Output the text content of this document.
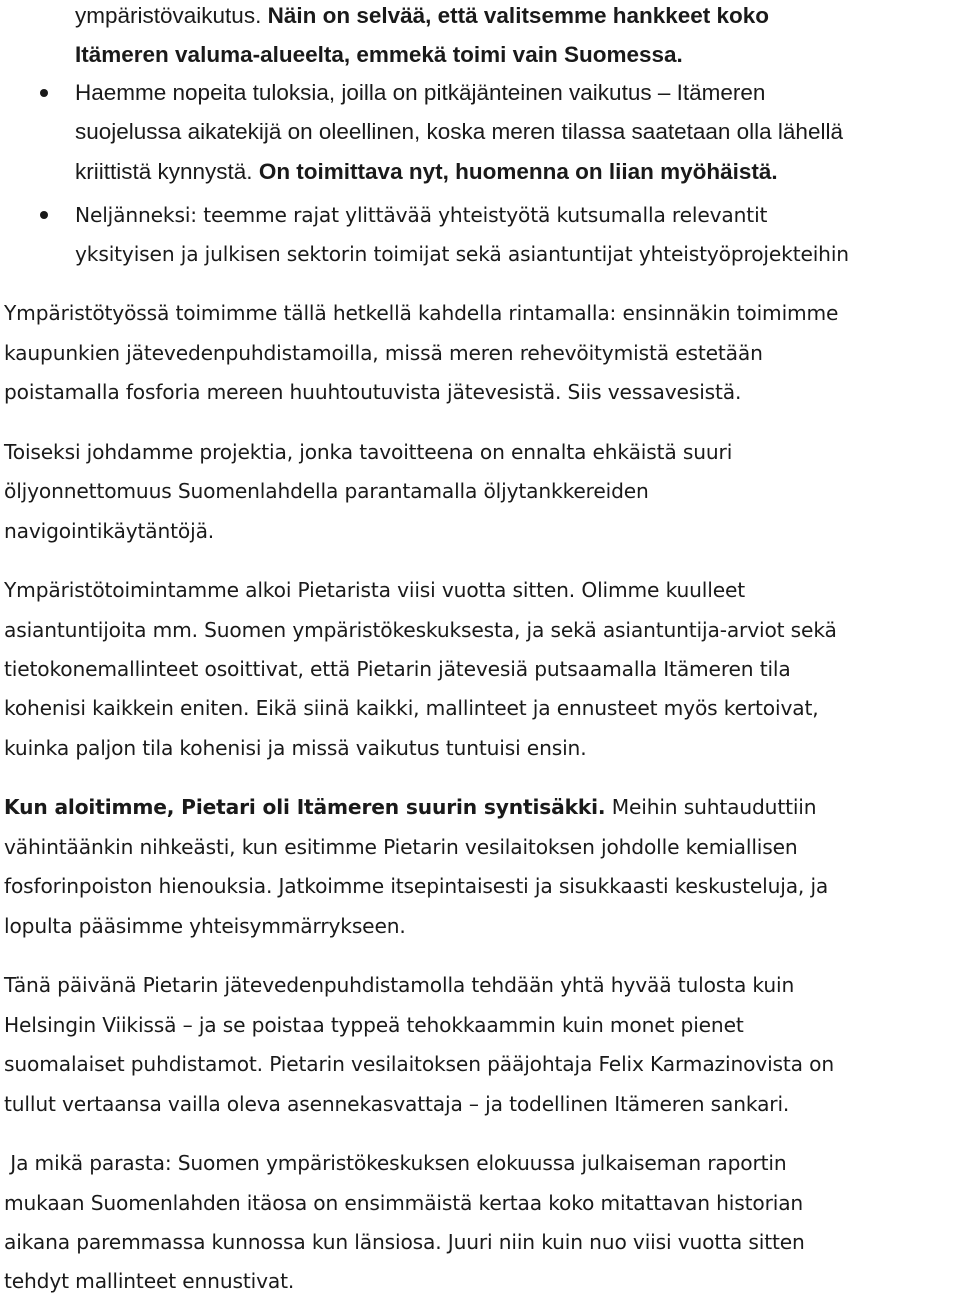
ympäristövaikutus. Näin on selvää, että valitsemme hankkeet koko
Itämeren valuma-alueelta, emmekä toimi vain Suomessa.
Haemme nopeita tuloksia, joilla on pitkäjänteinen vaikutus – Itämeren
suojelussa aikatekijä on oleellinen, koska meren tilassa saatetaan olla lähellä
kriittistä kynnystä. On toimittava nyt, huomenna on liian myöhäistä.
Neljänneksi: teemme rajat ylittävää yhteistyötä kutsumalla relevantit
yksityisen ja julkisen sektorin toimijat sekä asiantuntijat yhteistyöprojekteihin
Ympäristötyössä toimimme tällä hetkellä kahdella rintamalla: ensinnäkin toimimme
kaupunkien jätevedenpuhdistamoilla, missä meren rehevöitymistä estetään
poistamalla fosforia mereen huuhtoutuvista jätevesistä. Siis vessavesistä.
Toiseksi johdamme projektia, jonka tavoitteena on ennalta ehkäistä suuri
öljyonnettomuus Suomenlahdella parantamalla öljytankkereiden
navigointikäytäntöjä.
Ympäristötoimintamme alkoi Pietarista viisi vuotta sitten. Olimme kuulleet
asiantuntijoita mm. Suomen ympäristökeskuksesta, ja sekä asiantuntija-arviot sekä
tietokonemallinteet osoittivat, että Pietarin jätevesiä putsaamalla Itämeren tila
kohenisi kaikkein eniten. Eikä siinä kaikki, mallinteet ja ennusteet myös kertoivat,
kuinka paljon tila kohenisi ja missä vaikutus tuntuisi ensin.
Kun aloitimme, Pietari oli Itämeren suurin syntisäkki. Meihin suhtauduttiin
vähintäänkin nihkeästi, kun esitimme Pietarin vesilaitoksen johdolle kemiallisen
fosforinpoiston hienouksia. Jatkoimme itsepintaisesti ja sisukkaasti keskusteluja, ja
lopulta pääsimme yhteisymmärrykseen.
Tänä päivänä Pietarin jätevedenpuhdistamolla tehdään yhtä hyvää tulosta kuin
Helsingin Viikissä – ja se poistaa typpeä tehokkaammin kuin monet pienet
suomalaiset puhdistamot. Pietarin vesilaitoksen pääjohtaja Felix Karmazinovista on
tullut vertaansa vailla oleva asennekasvattaja – ja todellinen Itämeren sankari.
Ja mikä parasta: Suomen ympäristökeskuksen elokuussa julkaiseman raportin
mukaan Suomenlahden itäosa on ensimmäistä kertaa koko mitattavan historian
aikana paremmassa kunnossa kun länsiosa. Juuri niin kuin nuo viisi vuotta sitten
tehdyt mallinteet ennustivat.
